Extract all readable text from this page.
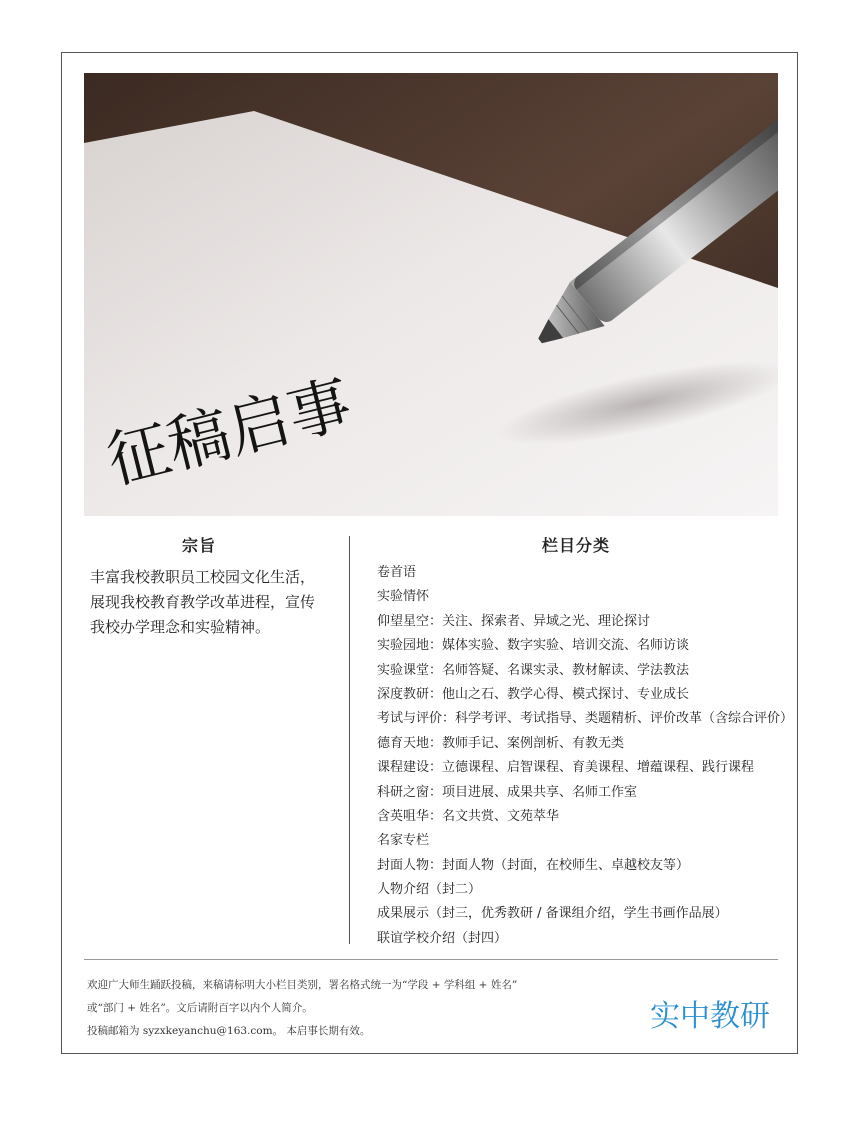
征稿启事
宗旨
丰富我校教职员工校园文化生活，
展现我校教育教学改革进程，宣传
我校办学理念和实验精神。
栏目分类
卷首语
实验情怀
仰望星空：关注、探索者、异域之光、理论探讨
实验园地：媒体实验、数字实验、培训交流、名师访谈
实验课堂：名师答疑、名课实录、教材解读、学法教法
深度教研：他山之石、教学心得、模式探讨、专业成长
考试与评价：科学考评、考试指导、类题精析、评价改革（含综合评价）
德育天地：教师手记、案例剖析、有教无类
课程建设：立德课程、启智课程、育美课程、增蕴课程、践行课程
科研之窗：项目进展、成果共享、名师工作室
含英咀华：名文共赏、文苑萃华
名家专栏
封面人物：封面人物（封面，在校师生、卓越校友等）
人物介绍（封二）
成果展示（封三，优秀教研 / 备课组介绍，学生书画作品展）
联谊学校介绍（封四）
欢迎广大师生踊跃投稿，来稿请标明大小栏目类别，署名格式统一为“学段 + 学科组 + 姓名”
或“部门 + 姓名”。文后请附百字以内个人简介。
投稿邮箱为 syzxkeyanchu@163.com。 本启事长期有效。	实中教研
